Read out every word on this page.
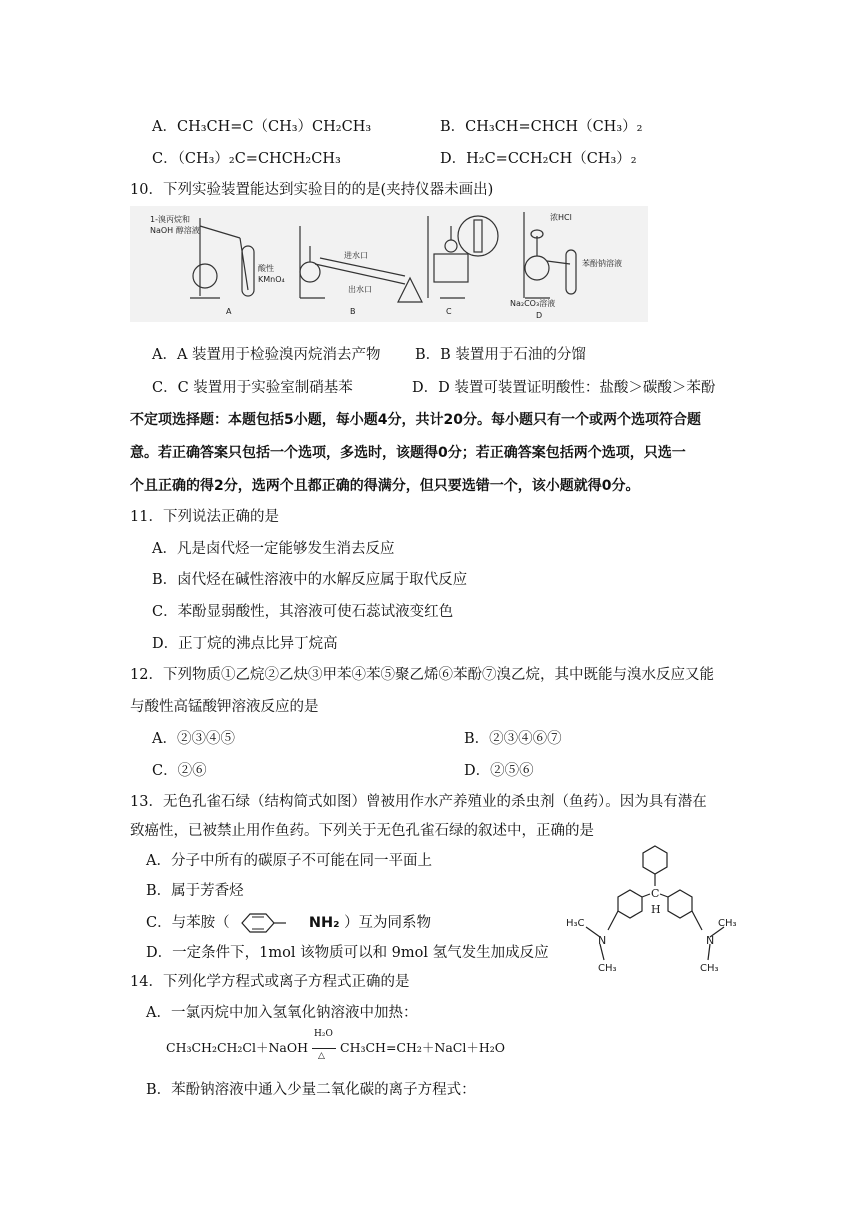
A．CH₃CH=C（CH₃）CH₂CH₃	B．CH₃CH=CHCH（CH₃）₂
C．（CH₃）₂C=CHCH₂CH₃	D．H₂C=CCH₂CH（CH₃）₂
10．下列实验装置能达到实验目的的是(夹持仪器未画出)
1-溴丙烷和
NaOH 醇溶液
酸性
KMnO₄
进水口
出水口
浓HCl
苯酚钠溶液
Na₂CO₃溶液
A	B	C	D
A．A 装置用于检验溴丙烷消去产物 B．B 装置用于石油的分馏
C．C 装置用于实验室制硝基苯	D．D 装置可装置证明酸性：盐酸＞碳酸＞苯酚
不定项选择题：本题包括5小题，每小题4分，共计20分。每小题只有一个或两个选项符合题
意。若正确答案只包括一个选项，多选时，该题得0分；若正确答案包括两个选项，只选一
个且正确的得2分，选两个且都正确的得满分，但只要选错一个，该小题就得0分。
11．下列说法正确的是
A．凡是卤代烃一定能够发生消去反应
B．卤代烃在碱性溶液中的水解反应属于取代反应
C．苯酚显弱酸性，其溶液可使石蕊试液变红色
D．正丁烷的沸点比异丁烷高
12．下列物质①乙烷②乙炔③甲苯④苯⑤聚乙烯⑥苯酚⑦溴乙烷，其中既能与溴水反应又能
与酸性高锰酸钾溶液反应的是
A．②③④⑤	B．②③④⑥⑦
C．②⑥	D．②⑤⑥
13．无色孔雀石绿（结构简式如图）曾被用作水产养殖业的杀虫剂（鱼药）。因为具有潜在
致癌性，已被禁止用作鱼药。下列关于无色孔雀石绿的叙述中，正确的是
A．分子中所有的碳原子不可能在同一平面上
B．属于芳香烃
C．与苯胺（	NH₂ ）互为同系物
D．一定条件下，1mol 该物质可以和 9mol 氢气发生加成反应
C
H
N	N
H₃C
CH₃
CH₃
CH₃
14．下列化学方程式或离子方程式正确的是
A．一氯丙烷中加入氢氧化钠溶液中加热：
CH₃CH₂CH₂Cl＋NaOH
H₂O
△
CH₃CH=CH₂＋NaCl＋H₂O
B．苯酚钠溶液中通入少量二氧化碳的离子方程式：
